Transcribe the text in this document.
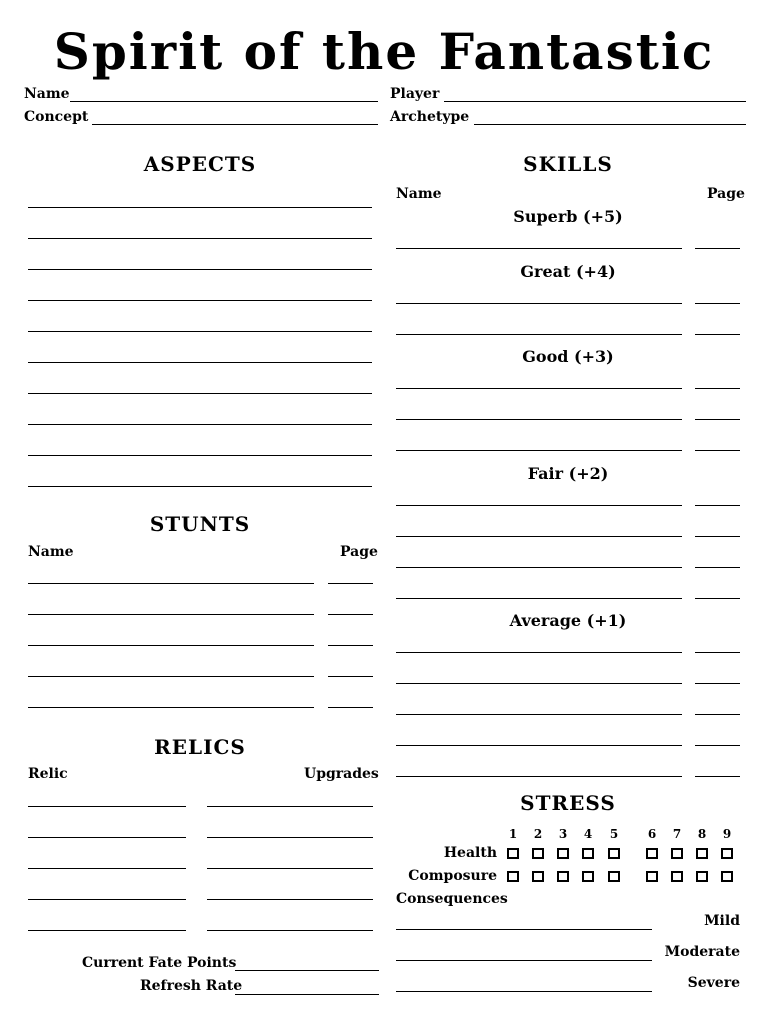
Spirit of the Fantastic
Name	Player
Concept	Archetype
ASPECTS
STUNTS
Name	Page
RELICS
Relic	Upgrades
Current Fate Points
Refresh Rate
SKILLS
Name	Page
Superb (+5)
Great (+4)
Good (+3)
Fair (+2)
Average (+1)
STRESS
1 2 3 4 5 6 7 8 9
Health
Composure
Consequences
Mild
Moderate
Severe
